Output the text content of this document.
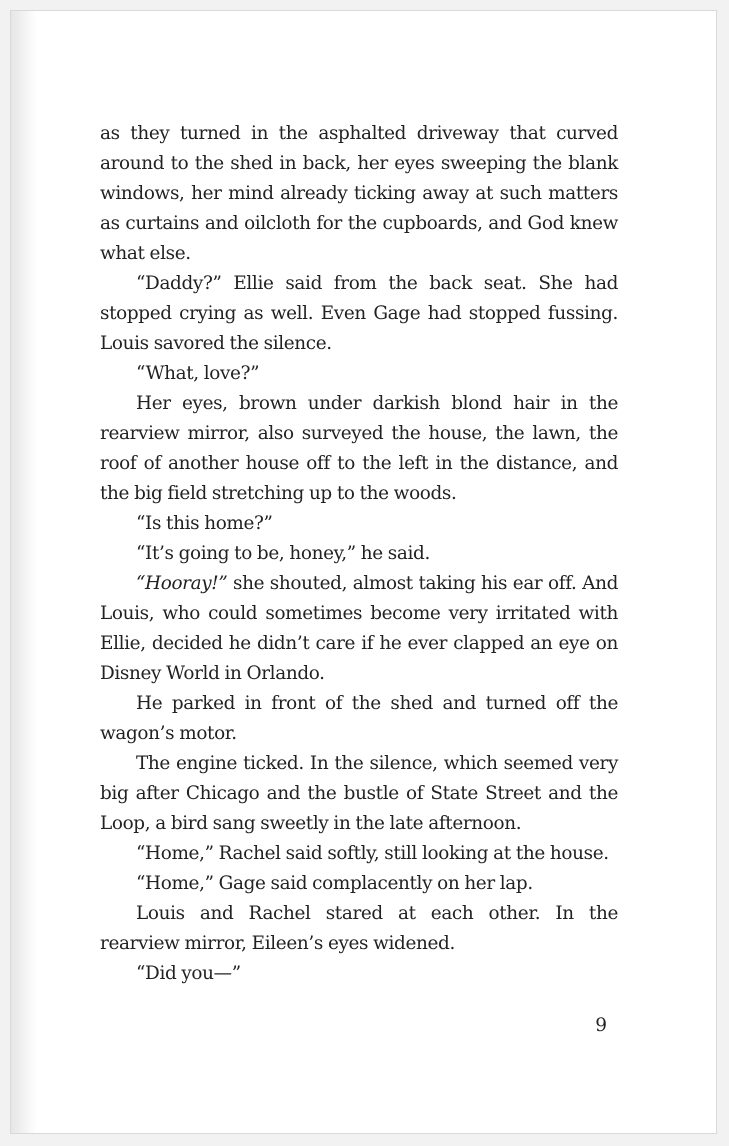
as they turned in the asphalted driveway that curved around to the shed in back, her eyes sweeping the blank windows, her mind already ticking away at such matters as curtains and oilcloth for the cupboards, and God knew what else.

“Daddy?” Ellie said from the back seat. She had stopped crying as well. Even Gage had stopped fussing. Louis savored the silence.

“What, love?”

Her eyes, brown under darkish blond hair in the rearview mirror, also surveyed the house, the lawn, the roof of another house off to the left in the distance, and the big field stretching up to the woods.

“Is this home?”

“It’s going to be, honey,” he said.

“Hooray!” she shouted, almost taking his ear off. And Louis, who could sometimes become very irritated with Ellie, decided he didn’t care if he ever clapped an eye on Disney World in Orlando.

He parked in front of the shed and turned off the wagon’s motor.

The engine ticked. In the silence, which seemed very big after Chicago and the bustle of State Street and the Loop, a bird sang sweetly in the late afternoon.

“Home,” Rachel said softly, still looking at the house.

“Home,” Gage said complacently on her lap.

Louis and Rachel stared at each other. In the rearview mirror, Eileen’s eyes widened.

“Did you—”

9
